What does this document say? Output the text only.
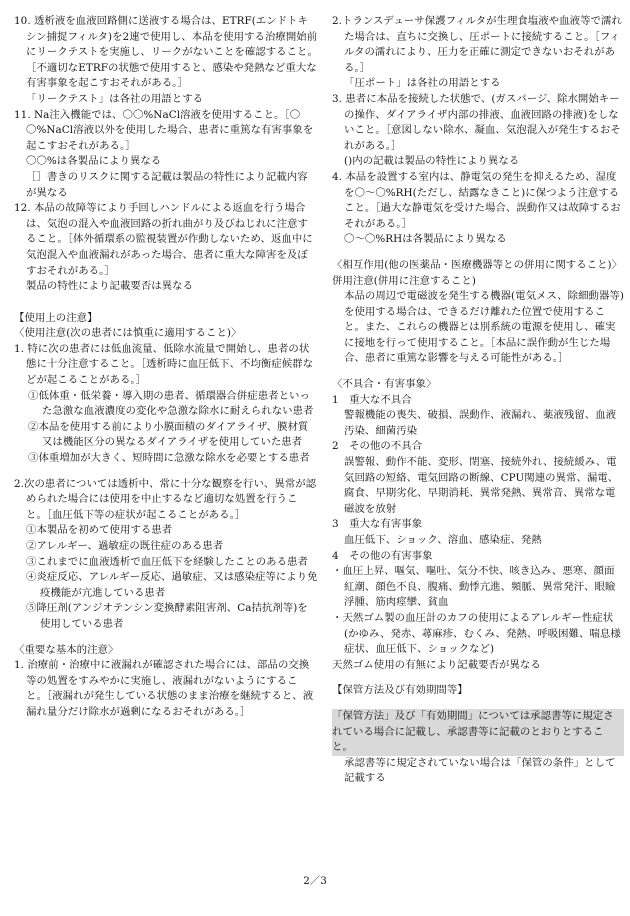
10. 透析液を血液回路側に送液する場合は、ETRF(エンドトキシン捕捉フィルタ)を2連で使用し、本品を使用する治療開始前にリークテストを実施し、リークがないことを確認すること。［不適切なETRFの状態で使用すると、感染や発熱など重大な有害事象を起こすおそれがある。］
「リークテスト」は各社の用語とする
11. Na注入機能では、〇〇%NaCl溶液を使用すること。［〇〇%NaCl溶液以外を使用した場合、患者に重篤な有害事象を起こすおそれがある。］
〇〇%は各製品により異なる
［］書きのリスクに関する記載は製品の特性により記載内容が異なる
12. 本品の故障等により手回しハンドルによる返血を行う場合は、気泡の混入や血液回路の折れ曲がり及びねじれに注意すること。［体外循環系の監視装置が作動しないため、返血中に気泡混入や血液漏れがあった場合、患者に重大な障害を及ぼすおそれがある。］
製品の特性により記載要否は異なる
【使用上の注意】
〈使用注意(次の患者には慎重に適用すること)〉
1. 特に次の患者には低血流量、低除水流量で開始し、患者の状態に十分注意すること。［透析時に血圧低下、不均衡症候群などが起こることがある。］
①低体重・低栄養・導入期の患者、循環器合併症患者といった急激な血液濃度の変化や急激な除水に耐えられない患者
②本品を使用する前により小膜面積のダイアライザ、膜材質又は機能区分の異なるダイアライザを使用していた患者
③体重増加が大きく、短時間に急激な除水を必要とする患者
2.次の患者については透析中、常に十分な観察を行い、異常が認められた場合には使用を中止するなど適切な処置を行うこと。［血圧低下等の症状が起こることがある。］
①本製品を初めて使用する患者
②アレルギー、過敏症の既往症のある患者
③これまでに血液透析で血圧低下を経験したことのある患者
④炎症反応、アレルギー反応、過敏症、又は感染症等により免疫機能が亢進している患者
⑤降圧剤(アンジオテンシン変換酵素阻害剤、Ca拮抗剤等)を使用している患者
〈重要な基本的注意〉
1. 治療前・治療中に液漏れが確認された場合には、部品の交換等の処置をすみやかに実施し、液漏れがないようにすること。［液漏れが発生している状態のまま治療を継続すると、液漏れ量分だけ除水が過剰になるおそれがある。］
2.トランスデューサ保護フィルタが生理食塩液や血液等で濡れた場合は、直ちに交換し、圧ポートに接続すること。［フィルタの濡れにより、圧力を正確に測定できないおそれがある。］
「圧ポート」は各社の用語とする
3. 患者に本品を接続した状態で、(ガスパージ、除水開始キーの操作、ダイアライザ内部の排液、血液回路の排液)をしないこと。［意図しない除水、凝血、気泡混入が発生するおそれがある。］
()内の記載は製品の特性により異なる
4. 本品を設置する室内は、静電気の発生を抑えるため、湿度を〇～〇%RH(ただし、結露なきこと)に保つよう注意すること。［過大な静電気を受けた場合、誤動作又は故障するおそれがある。］
〇～〇%RHは各製品により異なる
〈相互作用(他の医薬品・医療機器等との併用に関すること)〉
併用注意(併用に注意すること)
本品の周辺で電磁波を発生する機器(電気メス、除細動器等)を使用する場合は、できるだけ離れた位置で使用すること。また、これらの機器とは別系統の電源を使用し、確実に接地を行って使用すること。［本品に誤作動が生じた場合、患者に重篤な影響を与える可能性がある。］
〈不具合・有害事象〉
1　重大な不具合
警報機能の喪失、破損、誤動作、液漏れ、薬液残留、血液汚染、細菌汚染
2　その他の不具合
誤警報、動作不能、変形、閉塞、接続外れ、接続緩み、電気回路の短絡、電気回路の断線、CPU関連の異常、漏電、腐食、早期劣化、早期消耗、異常発熱、異常音、異常な電磁波を放射
3　重大な有害事象
血圧低下、ショック、溶血、感染症、発熱
4　その他の有害事象
・血圧上昇、嘔気、嘔吐、気分不快、咳き込み、悪寒、顔面紅潮、顔色不良、腹痛、動悸亢進、頻脈、異常発汗、眼瞼浮腫、筋肉痙攣、貧血
・天然ゴム製の血圧計のカフの使用によるアレルギー性症状(かゆみ、発赤、蕁麻疹、むくみ、発熱、呼吸困難、喘息様症状、血圧低下、ショックなど)
天然ゴム使用の有無により記載要否が異なる
【保管方法及び有効期間等】
「保管方法」及び「有効期間」については承認書等に規定されている場合に記載し、承認書等に記載のとおりとすること。
承認書等に規定されていない場合は「保管の条件」として記載する
2／3
